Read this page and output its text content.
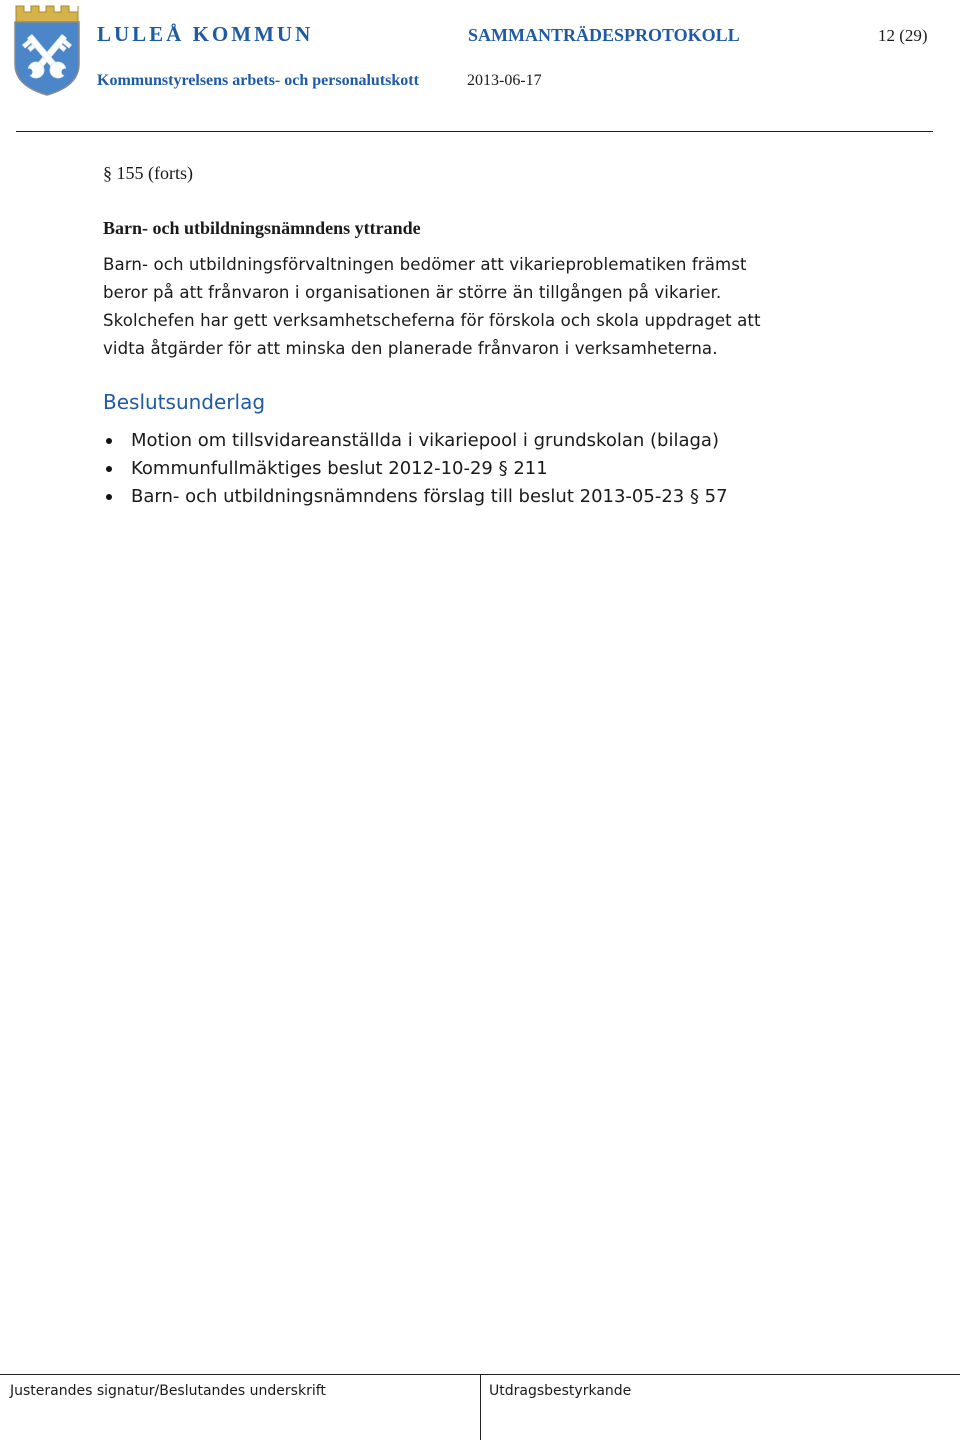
LULEÅ KOMMUN	SAMMANTRÄDESPROTOKOLL	12 (29)
Kommunstyrelsens arbets- och personalutskott	2013-06-17
§ 155 (forts)
Barn- och utbildningsnämndens yttrande
Barn- och utbildningsförvaltningen bedömer att vikarieproblematiken främst
beror på att frånvaron i organisationen är större än tillgången på vikarier.
Skolchefen har gett verksamhetscheferna för förskola och skola uppdraget att
vidta åtgärder för att minska den planerade frånvaron i verksamheterna.
Beslutsunderlag
Motion om tillsvidareanställda i vikariepool i grundskolan (bilaga)
Kommunfullmäktiges beslut 2012-10-29 § 211
Barn- och utbildningsnämndens förslag till beslut 2013-05-23 § 57
Justerandes signatur/Beslutandes underskrift	Utdragsbestyrkande
